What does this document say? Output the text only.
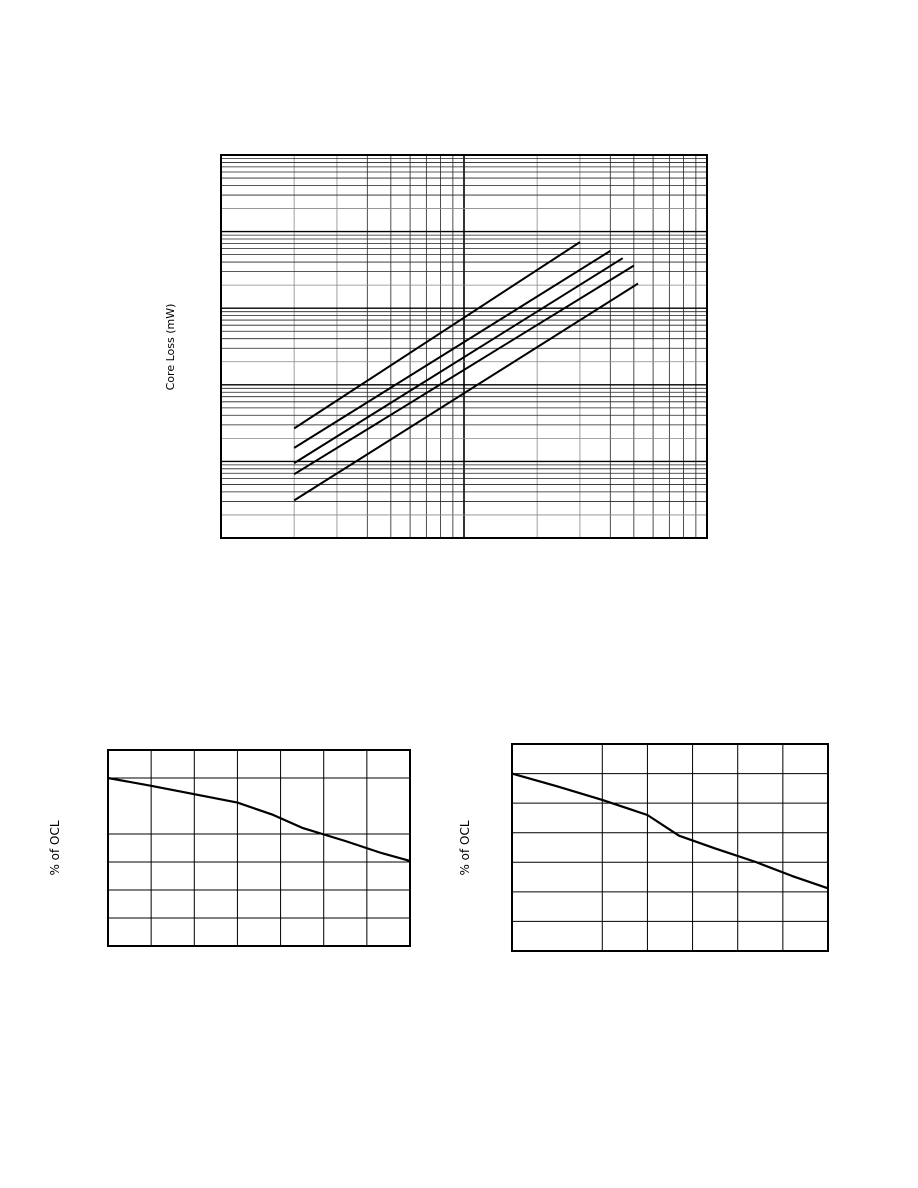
Core Loss (mW)
% of OCL	% of OCL
